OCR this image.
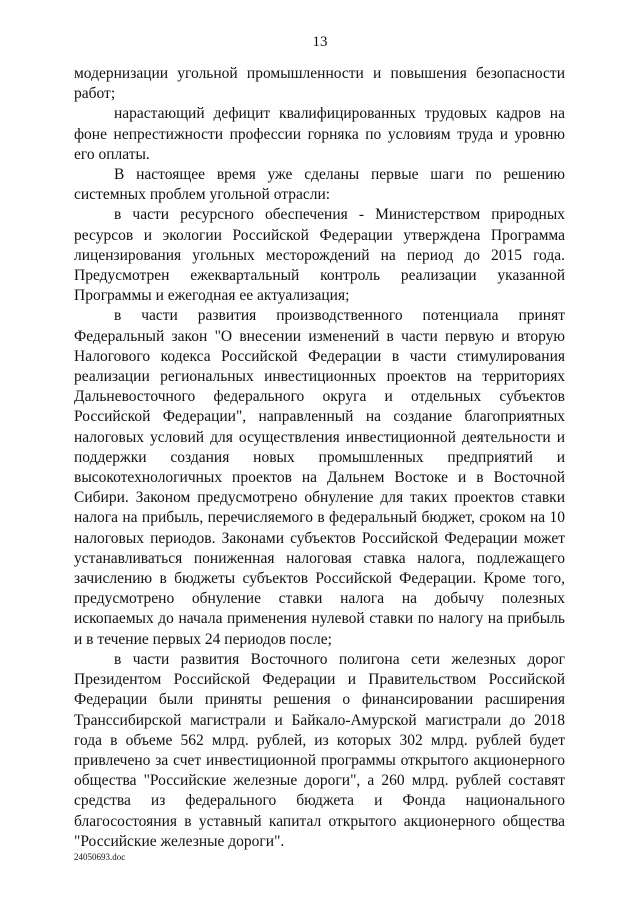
13

модернизации угольной промышленности и повышения безопасности работ;

нарастающий дефицит квалифицированных трудовых кадров на фоне непрестижности профессии горняка по условиям труда и уровню его оплаты.

В настоящее время уже сделаны первые шаги по решению системных проблем угольной отрасли:

в части ресурсного обеспечения - Министерством природных ресурсов и экологии Российской Федерации утверждена Программа лицензирования угольных месторождений на период до 2015 года. Предусмотрен ежеквартальный контроль реализации указанной Программы и ежегодная ее актуализация;

в части развития производственного потенциала принят Федеральный закон "О внесении изменений в части первую и вторую Налогового кодекса Российской Федерации в части стимулирования реализации региональных инвестиционных проектов на территориях Дальневосточного федерального округа и отдельных субъектов Российской Федерации", направленный на создание благоприятных налоговых условий для осуществления инвестиционной деятельности и поддержки создания новых промышленных предприятий и высокотехнологичных проектов на Дальнем Востоке и в Восточной Сибири. Законом предусмотрено обнуление для таких проектов ставки налога на прибыль, перечисляемого в федеральный бюджет, сроком на 10 налоговых периодов. Законами субъектов Российской Федерации может устанавливаться пониженная налоговая ставка налога, подлежащего зачислению в бюджеты субъектов Российской Федерации. Кроме того, предусмотрено обнуление ставки налога на добычу полезных ископаемых до начала применения нулевой ставки по налогу на прибыль и в течение первых 24 периодов после;

в части развития Восточного полигона сети железных дорог Президентом Российской Федерации и Правительством Российской Федерации были приняты решения о финансировании расширения Транссибирской магистрали и Байкало-Амурской магистрали до 2018 года в объеме 562 млрд. рублей, из которых 302 млрд. рублей будет привлечено за счет инвестиционной программы открытого акционерного общества "Российские железные дороги", а 260 млрд. рублей составят средства из федерального бюджета и Фонда национального благосостояния в уставный капитал открытого акционерного общества "Российские железные дороги".

24050693.doc
